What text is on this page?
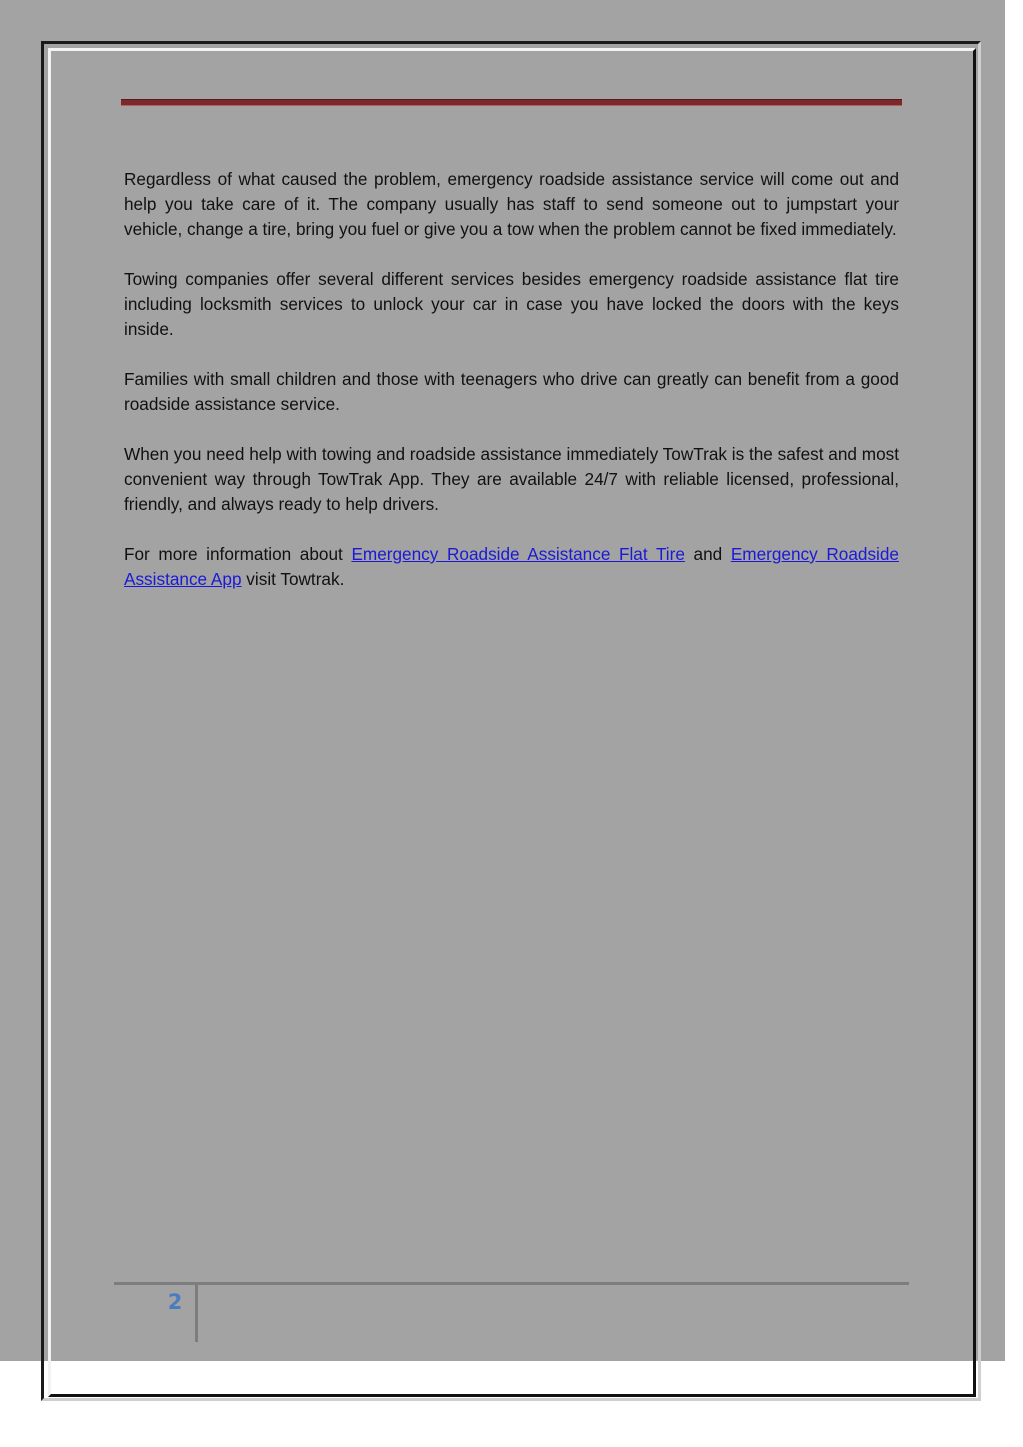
Regardless of what caused the problem, emergency roadside assistance service will come out and help you take care of it. The company usually has staff to send someone out to jumpstart your vehicle, change a tire, bring you fuel or give you a tow when the problem cannot be fixed immediately.

Towing companies offer several different services besides emergency roadside assistance flat tire including locksmith services to unlock your car in case you have locked the doors with the keys inside.

Families with small children and those with teenagers who drive can greatly can benefit from a good roadside assistance service.

When you need help with towing and roadside assistance immediately TowTrak is the safest and most convenient way through TowTrak App. They are available 24/7 with reliable licensed, professional, friendly, and always ready to help drivers.

For more information about Emergency Roadside Assistance Flat Tire and Emergency Roadside Assistance App visit Towtrak.

2
